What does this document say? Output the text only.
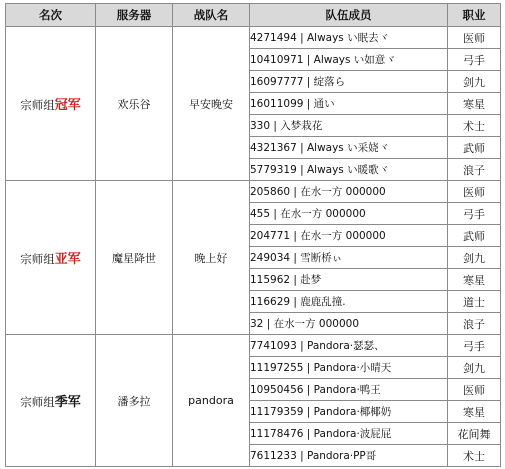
名次	服务器	战队名	队伍成员	职业
宗师组冠军	欢乐谷	早安晚安	4271494 | Always い眠去ヾ	医师
			10410971 | Always い如意ヾ	弓手
			16097777 | 绽落ら	剑九
			16011099 | 通い	寒星
			330 | 入梦栽花	术士
			4321367 | Always い采娆ヾ	武师
			5779319 | Always い暖歌ヾ	浪子
宗师组亚军	魔星降世	晚上好	205860 | 在水一方 000000	医师
			455 | 在水一方 000000	弓手
			204771 | 在水一方 000000	武师
			249034 | 雪断桥ぃ	剑九
			115962 | 赴梦	寒星
			116629 | 鹿鹿乱撞.	道士
			32 | 在水一方 000000	浪子
宗师组季军	潘多拉	pandora	7741093 | Pandora·瑟瑟、	弓手
			11197255 | Pandora·小晴天	剑九
			10950456 | Pandora·鸭王	医师
			11179359 | Pandora·椰椰奶	寒星
			11178476 | Pandora·波屁屁	花间舞
			7611233 | Pandora·PP哥	术士
